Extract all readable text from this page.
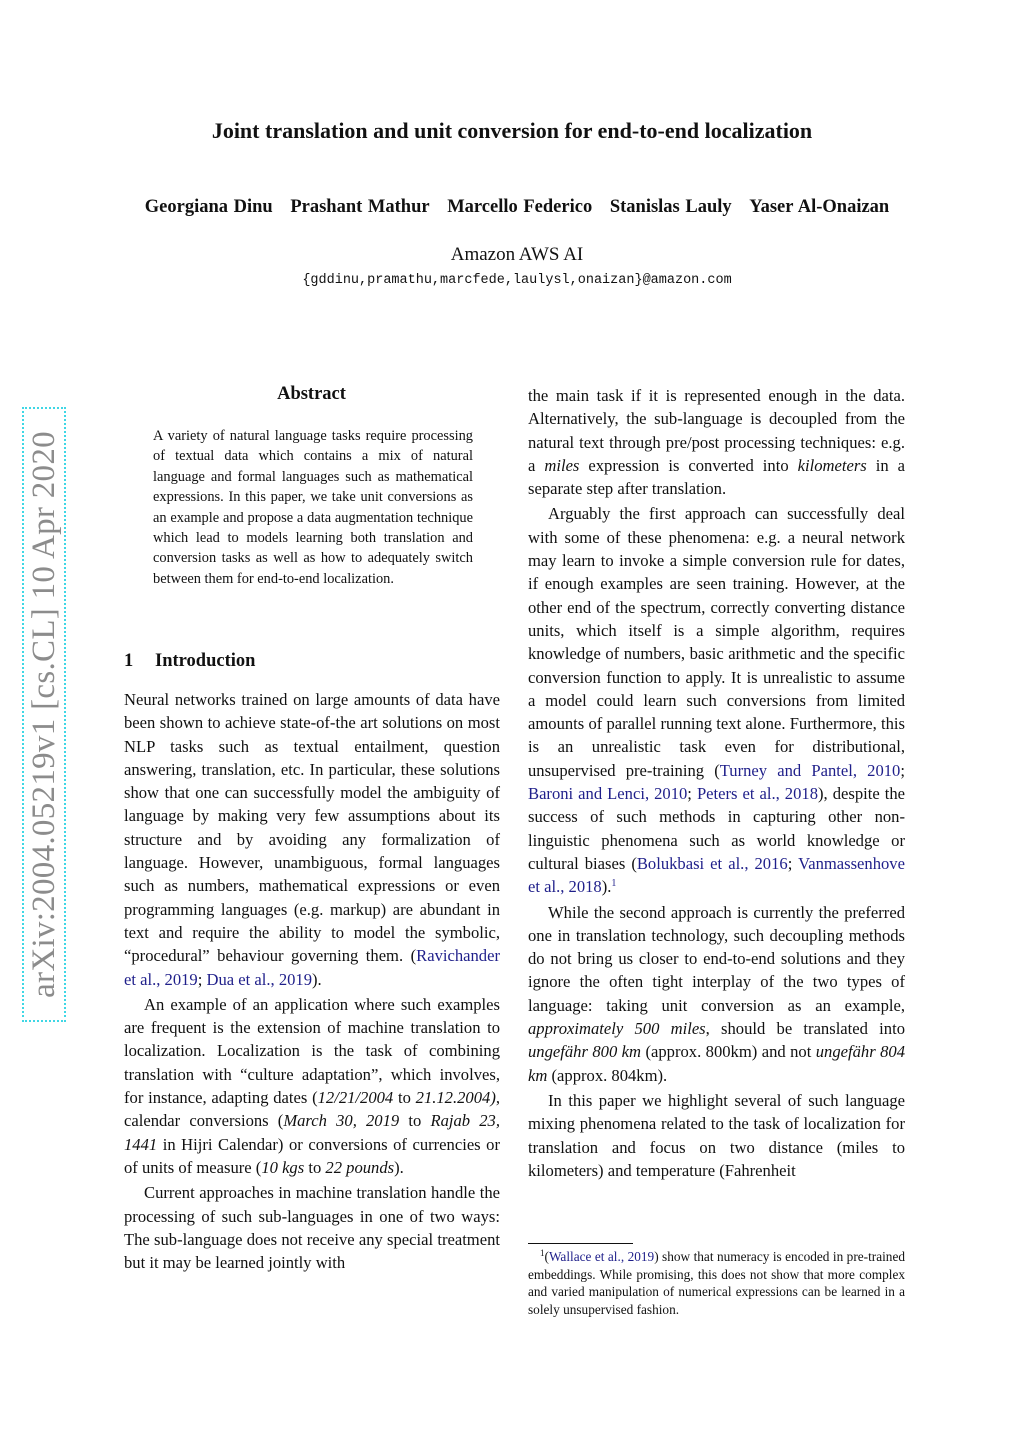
Joint translation and unit conversion for end-to-end localization
Georgiana Dinu Prashant Mathur Marcello Federico Stanislas Lauly Yaser Al-Onaizan
Amazon AWS AI
{gddinu,pramathu,marcfede,laulysl,onaizan}@amazon.com
arXiv:2004.05219v1 [cs.CL] 10 Apr 2020
Abstract
A variety of natural language tasks require processing of textual data which contains a mix of natural language and formal languages such as mathematical expressions. In this paper, we take unit conversions as an example and propose a data augmentation technique which lead to models learning both translation and conversion tasks as well as how to adequately switch between them for end-to-end localization.
1 Introduction

Neural networks trained on large amounts of data have been shown to achieve state-of-the art solutions on most NLP tasks such as textual entailment, question answering, translation, etc. In particular, these solutions show that one can successfully model the ambiguity of language by making very few assumptions about its structure and by avoiding any formalization of language. However, unambiguous, formal languages such as numbers, mathematical expressions or even programming languages (e.g. markup) are abundant in text and require the ability to model the symbolic, “procedural” behaviour governing them. (Ravichander et al., 2019; Dua et al., 2019).

An example of an application where such examples are frequent is the extension of machine translation to localization. Localization is the task of combining translation with “culture adaptation”, which involves, for instance, adapting dates (12/21/2004 to 21.12.2004), calendar conversions (March 30, 2019 to Rajab 23, 1441 in Hijri Calendar) or conversions of currencies or of units of measure (10 kgs to 22 pounds).

Current approaches in machine translation handle the processing of such sub-languages in one of two ways: The sub-language does not receive any special treatment but it may be learned jointly with

the main task if it is represented enough in the data. Alternatively, the sub-language is decoupled from the natural text through pre/post processing techniques: e.g. a miles expression is converted into kilometers in a separate step after translation.

Arguably the first approach can successfully deal with some of these phenomena: e.g. a neural network may learn to invoke a simple conversion rule for dates, if enough examples are seen training. However, at the other end of the spectrum, correctly converting distance units, which itself is a simple algorithm, requires knowledge of numbers, basic arithmetic and the specific conversion function to apply. It is unrealistic to assume a model could learn such conversions from limited amounts of parallel running text alone. Furthermore, this is an unrealistic task even for distributional, unsupervised pre-training (Turney and Pantel, 2010; Baroni and Lenci, 2010; Peters et al., 2018), despite the success of such methods in capturing other non-linguistic phenomena such as world knowledge or cultural biases (Bolukbasi et al., 2016; Vanmassenhove et al., 2018).$^1$

While the second approach is currently the preferred one in translation technology, such decoupling methods do not bring us closer to end-to-end solutions and they ignore the often tight interplay of the two types of language: taking unit conversion as an example, approximately 500 miles, should be translated into ungefähr 800 km (approx. 800km) and not ungefähr 804 km (approx. 804km).

In this paper we highlight several of such language mixing phenomena related to the task of localization for translation and focus on two distance (miles to kilometers) and temperature (Fahrenheit

$^1$(Wallace et al., 2019) show that numeracy is encoded in pre-trained embeddings. While promising, this does not show that more complex and varied manipulation of numerical expressions can be learned in a solely unsupervised fashion.
